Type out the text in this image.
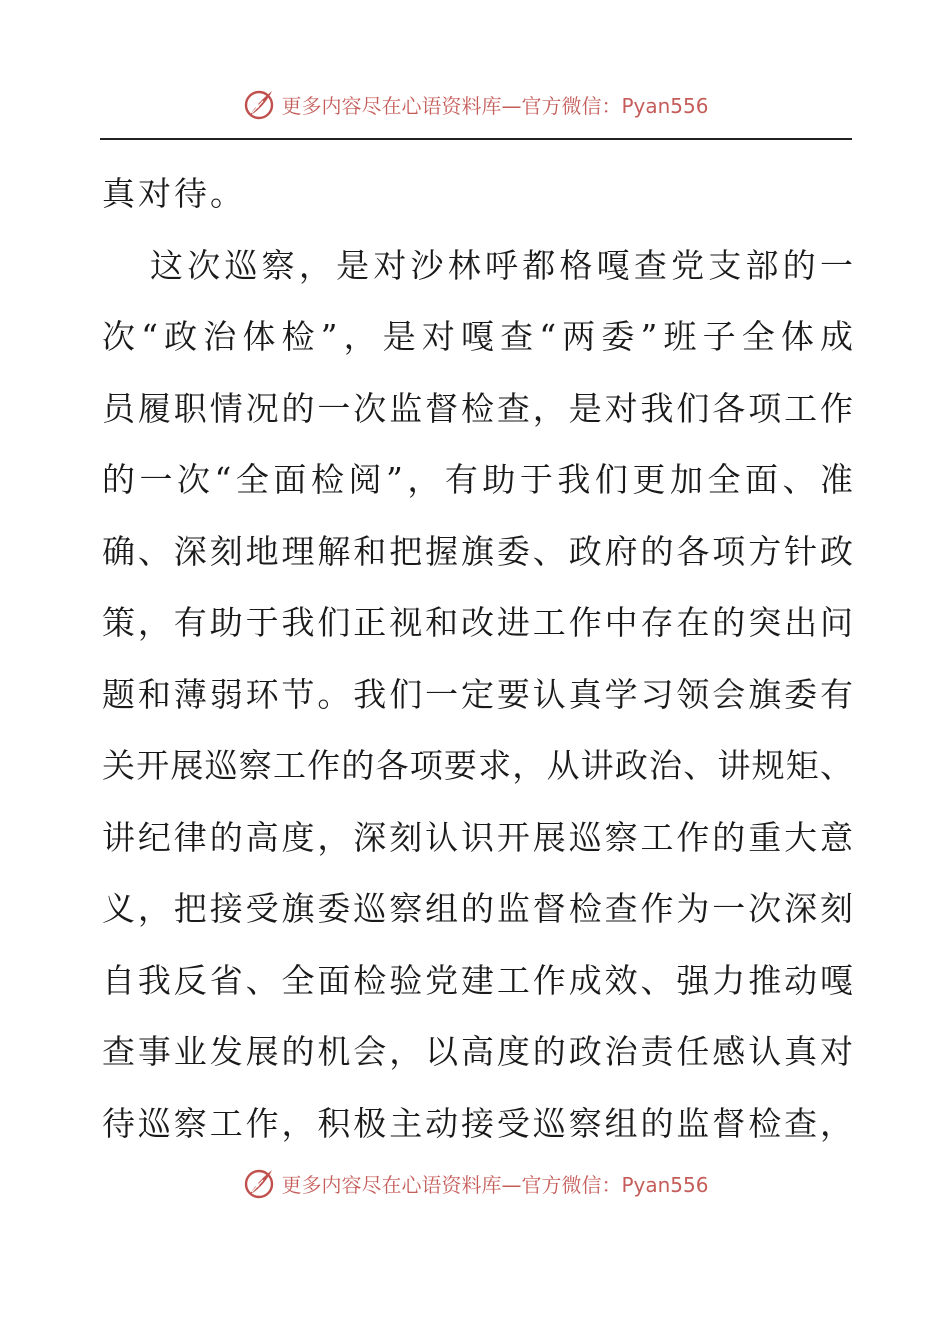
更多内容尽在心语资料库—官方微信：Pyan556
真对待。
这次巡察，是对沙林呼都格嘎查党支部的一
次“政治体检”，是对嘎查“两委”班子全体成
员履职情况的一次监督检查，是对我们各项工作
的一次“全面检阅”，有助于我们更加全面、准
确、深刻地理解和把握旗委、政府的各项方针政
策，有助于我们正视和改进工作中存在的突出问
题和薄弱环节。我们一定要认真学习领会旗委有
关开展巡察工作的各项要求，从讲政治、讲规矩、
讲纪律的高度，深刻认识开展巡察工作的重大意
义，把接受旗委巡察组的监督检查作为一次深刻
自我反省、全面检验党建工作成效、强力推动嘎
查事业发展的机会，以高度的政治责任感认真对
待巡察工作，积极主动接受巡察组的监督检查，
更多内容尽在心语资料库—官方微信：Pyan556
